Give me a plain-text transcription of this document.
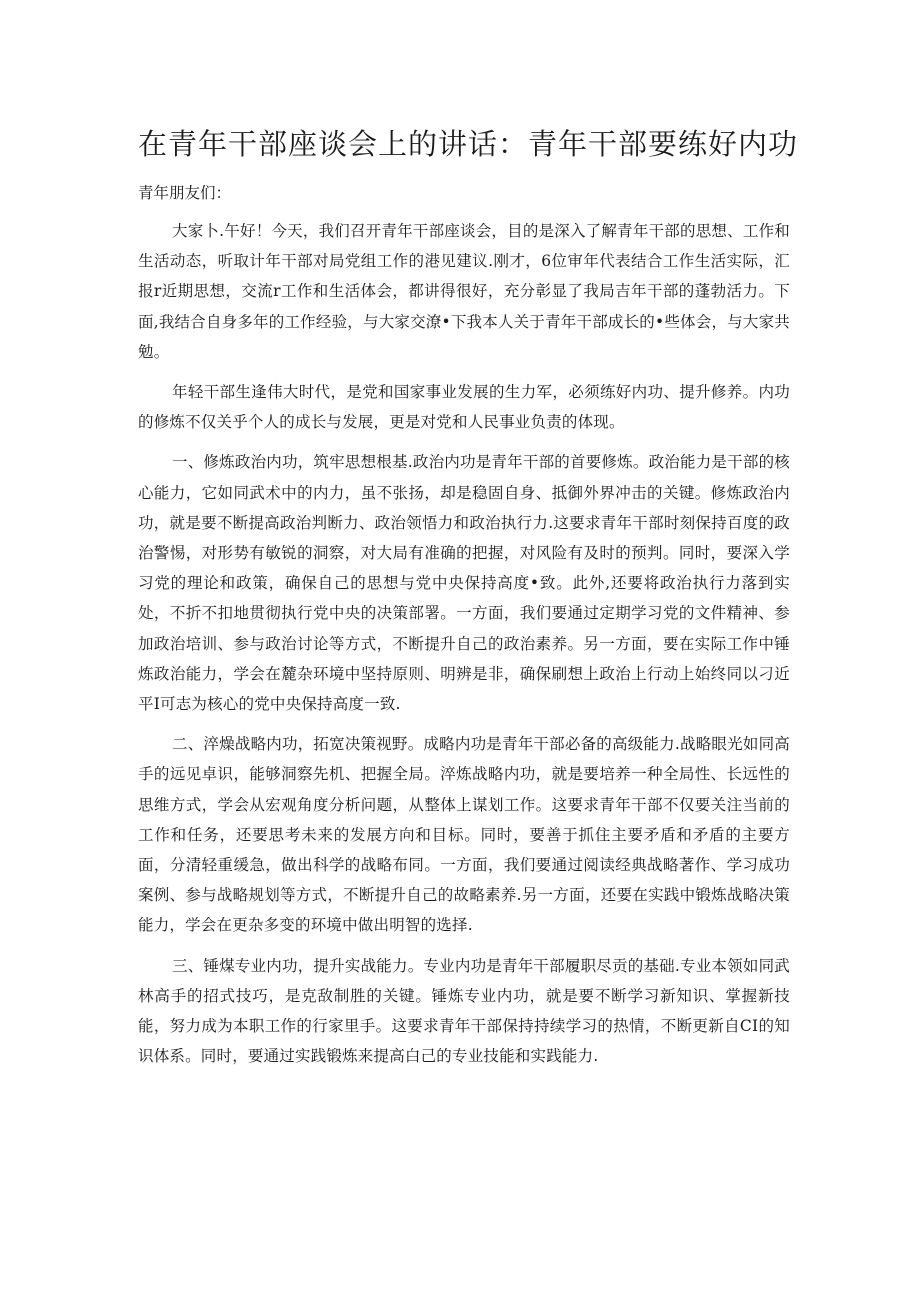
在青年干部座谈会上的讲话：青年干部要练好内功

青年朋友们：

大家卜.午好！今天，我们召开青年干部座谈会，目的是深入了解青年干部的思想、工作和生活动态，听取计年干部对局党组工作的港见建议.刚才，6位审年代表结合工作生活实际，汇报r近期思想，交流r工作和生活体会，都讲得很好，充分彰显了我局吉年干部的蓬勃活力。下面,我结合自身多年的工作经验，与大家交潦•下我本人关于青年干部成长的•些体会，与大家共勉。

年轻干部生逢伟大时代，是党和国家事业发展的生力军，必须练好内功、提升修养。内功的修炼不仅关乎个人的成长与发展，更是对党和人民事业负责的体现。

一、修炼政治内功，筑牢思想根基.政治内功是青年干部的首要修炼。政治能力是干部的核心能力，它如同武术中的内力，虽不张扬，却是稳固自身、抵御外界冲击的关键。修炼政治内功，就是要不断提高政治判断力、政治领悟力和政治执行力.这要求青年干部时刻保持百度的政治警惕，对形势有敏锐的洞察，对大局有准确的把握，对风险有及时的预判。同时，要深入学习党的理论和政策，确保自己的思想与党中央保持高度•致。此外,还要将政治执行力落到实处，不折不扣地贯彻执行党中央的决策部署。一方面，我们要通过定期学习党的文件精神、参加政治培训、参与政治讨论等方式，不断提升自己的政治素养。另一方面，要在实际工作中锤炼政治能力，学会在麓杂环境中坚持原则、明辨是非，确保刷想上政治上行动上始终同以刁近平I可志为核心的党中央保持高度一致.

二、淬燥战略内功，拓宽决策视野。成略内功是青年干部必备的高级能力.战略眼光如同高手的远见卓识，能够洞察先机、把握全局。淬炼战略内功，就是要培养一种全局性、长远性的思维方式，学会从宏观角度分析问题，从整体上谋划工作。这要求青年干部不仅要关注当前的工作和任务，还要思考未来的发展方向和目标。同时，要善于抓住主要矛盾和矛盾的主要方面，分清轻重缓急，做出科学的战略布同。一方面，我们要通过阅读经典战略著作、学习成功案例、参与战略规划等方式，不断提升自己的故略素养.另一方面，还要在实践中锻炼战略决策能力，学会在更杂多变的环境中做出明智的选择.

三、锤煤专业内功，提升实战能力。专业内功是青年干部履职尽贡的基础.专业本领如同武林高手的招式技巧，是克敌制胜的关键。锤炼专业内功，就是要不断学习新知识、掌握新技能，努力成为本职工作的行家里手。这要求青年干部保持持续学习的热情，不断更新自CI的知识体系。同时，要通过实践锻炼来提高白己的专业技能和实践能力.
